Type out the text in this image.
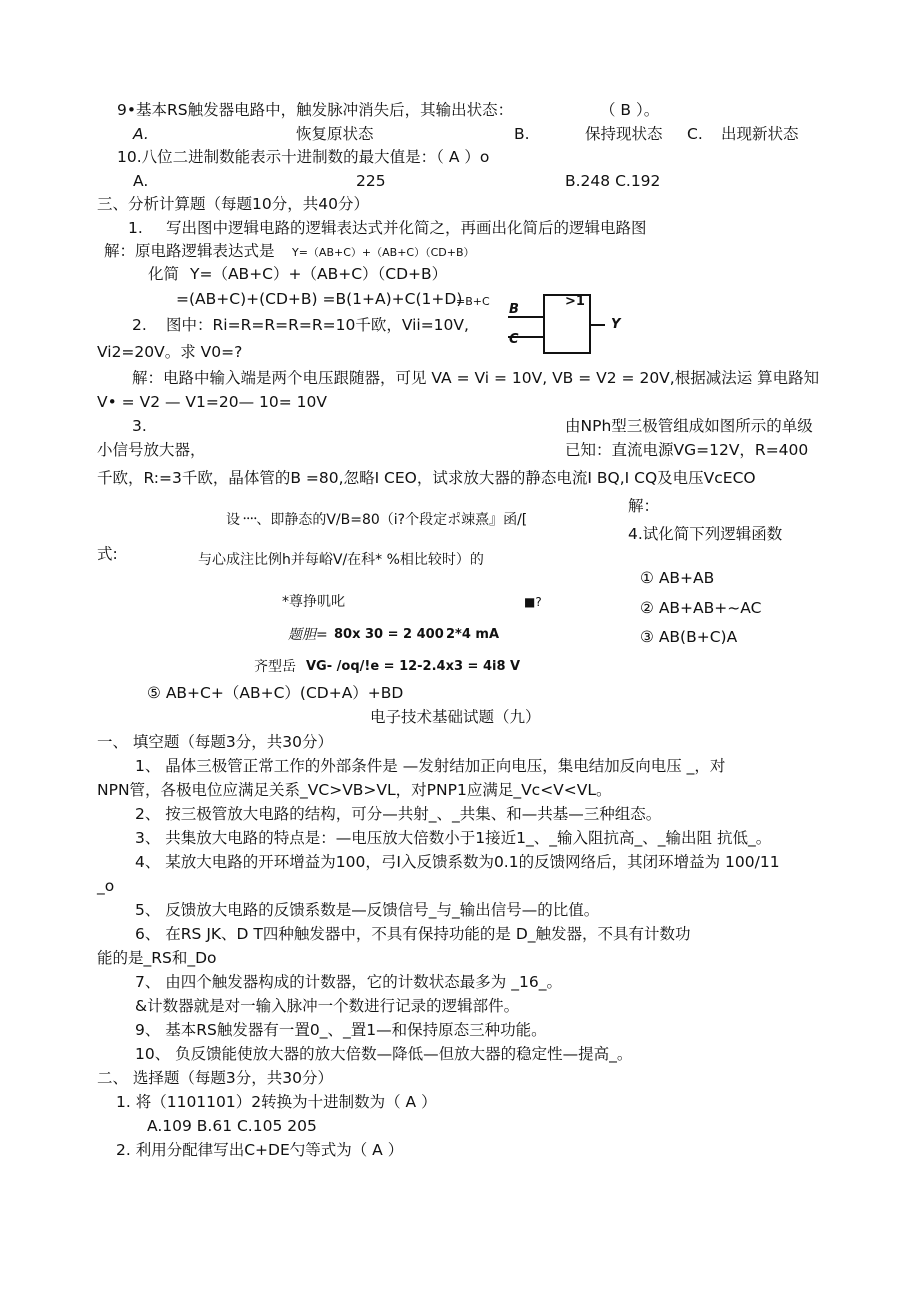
9•基本RS触发器电路中，触发脉冲消失后，其输出状态：	（ B ）。
A.	恢复原状态	B.	保持现状态 C. 出现新状态
10.八位二进制数能表示十进制数的最大值是：（ A ）o
A.	225	B.248 C.192
三、分析计算题（每题10分，共40分）
1. 写出图中逻辑电路的逻辑表达式并化简之，再画出化简后的逻辑电路图
解：原电路逻辑表达式是 Y=（AB+C）+（AB+C）（CD+B）
化简 Y=（AB+C）+（AB+C）（CD+B）
=(AB+C)+(CD+B) =B(1+A)+C(1+D)
=B+C	>1
B
C
Y
2. 图中：Ri=R=R=R=R=10千欧，Vii=10V,
Vi2=20V。求 V0=?
解：电路中输入端是两个电压跟随器，可见 VA = Vi = 10V, VB = V2 = 20V,根据减法运 算电路知
V• = V2 — V1=20— 10= 10V
3.	由NPh型三极管组成如图所示的单级
小信号放大器，	已知：直流电源VG=12V，R=400
千欧，R:=3千欧，晶体管的B =80,忽略I CEO，试求放大器的静态电流I BQ,I CQ及电压VcECO
解：
设᠁、即静态的V/B=80（i?个段定ポ竦熹』函/[
4.试化简下列逻辑函数
式:	与心成注比例h并每峪V/在科* %相比较时）的
① AB+AB
*尊挣叽叱	■?	② AB+AB+~AC
题胆= 80x 30 = 2 400 2*4 mA	③ AB(B+C)A
齐型岳 VG- /oq/!e = 12-2.4x3 = 4i8 V
⑤ AB+C+（AB+C）(CD+A）+BD
电子技术基础试题（九）
一、 填空题（每题3分，共30分）
1、 晶体三极管正常工作的外部条件是 —发射结加正向电压，集电结加反向电压 _，对
NPN管，各极电位应满足关系_VC>VB>VL，对PNP1应满足_Vc<V<VL。
2、 按三极管放大电路的结构，可分—共射_、_共集、和—共基—三种组态。
3、 共集放大电路的特点是：—电压放大倍数小于1接近1_、_输入阻抗高_、_输出阻 抗低_。
4、 某放大电路的开环增益为100，弓I入反馈系数为0.1的反馈网络后，其闭环增益为 100/11
_o
5、 反馈放大电路的反馈系数是—反馈信号_与_输出信号—的比值。
6、 在RS JK、D T四种触发器中，不具有保持功能的是 D_触发器，不具有计数功
能的是_RS和_Do
7、 由四个触发器构成的计数器，它的计数状态最多为 _16_。
&计数器就是对一输入脉冲一个数进行记录的逻辑部件。
9、 基本RS触发器有一置0_、_置1—和保持原态三种功能。
10、 负反馈能使放大器的放大倍数—降低—但放大器的稳定性—提高_。
二、 选择题（每题3分，共30分）
1. 将（1101101）2转换为十进制数为（ A ）
A.109 B.61 C.105 205
2. 利用分配律写出C+DE勺等式为（ A ）
